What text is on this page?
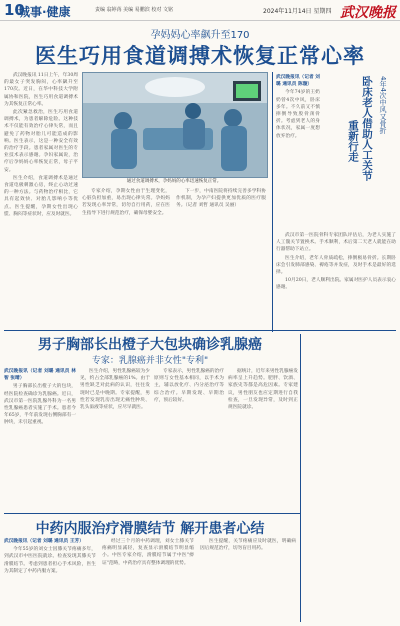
10
城事·健康	责编 翁婷苒 美编 易鹏滨 校对 文铭	2024年11月14日 星期四 武汉晚报
孕妈妈心率飙升至170
医生巧用食道调搏术恢复正常心率

武汉晚报讯 11日上午，年30周的最女子突发胸闷，心率飙升至170次。近日，在华中科技大学附属协和医院，医生巧用食道调搏术为其恢复正常心率。

此次紧急救治，医生巧用食道调搏术，为患者解除危险。这种技术不仅能有效治疗心律失常，而且避免了药物对胎儿可能造成的影响。医生表示，这是一种安全有效的治疗手段。患者家属对医生的专业技术表示感谢。孕妇家属说，治疗后孕妈妈心率恢复正常，母子平安。

医生介绍，食道调搏术是通过食道电极刺激心房，终止心动过速的一种方法。与药物治疗相比，它具有起效快、对胎儿影响小等优点。医生提醒，孕期女性出现心慌、胸闷等症状时，应及时就医。

通过食道调搏术，孕妈妈的心率迅速恢复正常。

专家介绍，孕期女性由于生理变化，心脏负担加重，易出现心律失常。孕妈妈若发现心率异常，切勿自行用药，应在医生指导下进行规范治疗，确保母婴安全。

下一步，中南医院将持续完善多学科协作机制，为孕产妇提供更加优质的医疗服务。（记者 刘哲 通讯员 吴丽）

武汉晚报讯（记者 刘璐 通讯员 陈璇）

今年74岁的王奶奶曾4次中风，卧床多年。不久前又不慎摔倒导致股骨颈骨折。考虑到老人的身体状况，家属一度想放弃治疗。	卧床老人借助人工关节
重新行走
4年4次中风又骨折

武汉市第一医院骨科专家团队评估后，为老人实施了人工髋关节置换术。手术顺利，术后第二天老人就能在助行器帮助下站立。

医生介绍，老年人骨质疏松，摔倒极易骨折。长期卧床会引发肺部感染、褥疮等并发症，及时手术是最好的选择。

10月20日，老人顺利出院。家属对医护人员表示衷心感谢。

男子胸部长出橙子大包块确诊乳腺癌
专家：乳腺癌并非女性"专利"

武汉晚报讯（记者 刘璐 通讯员 林智 张晴）

男子胸部长出橙子大的包块，经医院检查确诊为乳腺癌。近日，武汉市第一医院乳腺外科为一名男性乳腺癌患者实施了手术。患者今年65岁，半年前发现右侧胸部有一肿块，未引起重视。

医生介绍，男性乳腺癌较为少见，约占全部乳腺癌的1%。由于男性缺乏对此病的认识，往往发现时已是中晚期。专家提醒，男性若发现乳房出现无痛性肿块、乳头溢液等症状，应尽早就医。

专家表示，男性乳腺癌的治疗原则与女性基本相同，以手术为主，辅以放化疗、内分泌治疗等综合治疗。早期发现、早期治疗，预后较好。

据统计，近年来男性乳腺癌发病率呈上升趋势。肥胖、饮酒、家族史等都是高危因素。专家建议，男性朋友也应定期进行自我检查，一旦发现异常，及时到正规医院就诊。

中药内服治疗滑膜结节 解开患者心结

武汉晚报讯（记者 刘璐 通讯员 王芳）

今年55岁的刘女士因膝关节疼痛多年，到武汉市中医医院就诊。检查发现其膝关节滑膜结节。考虑到患者担心手术风险，医生为其制定了中药内服方案。

经过三个月的中药调理，刘女士膝关节疼痛明显减轻，复查显示滑膜结节明显缩小。中医专家介绍，滑膜结节属于中医"痹证"范畴，中药治疗具有整体调理的优势。

医生提醒，关节疼痛应及时就医，明确病因后规范治疗，切勿盲目用药。
